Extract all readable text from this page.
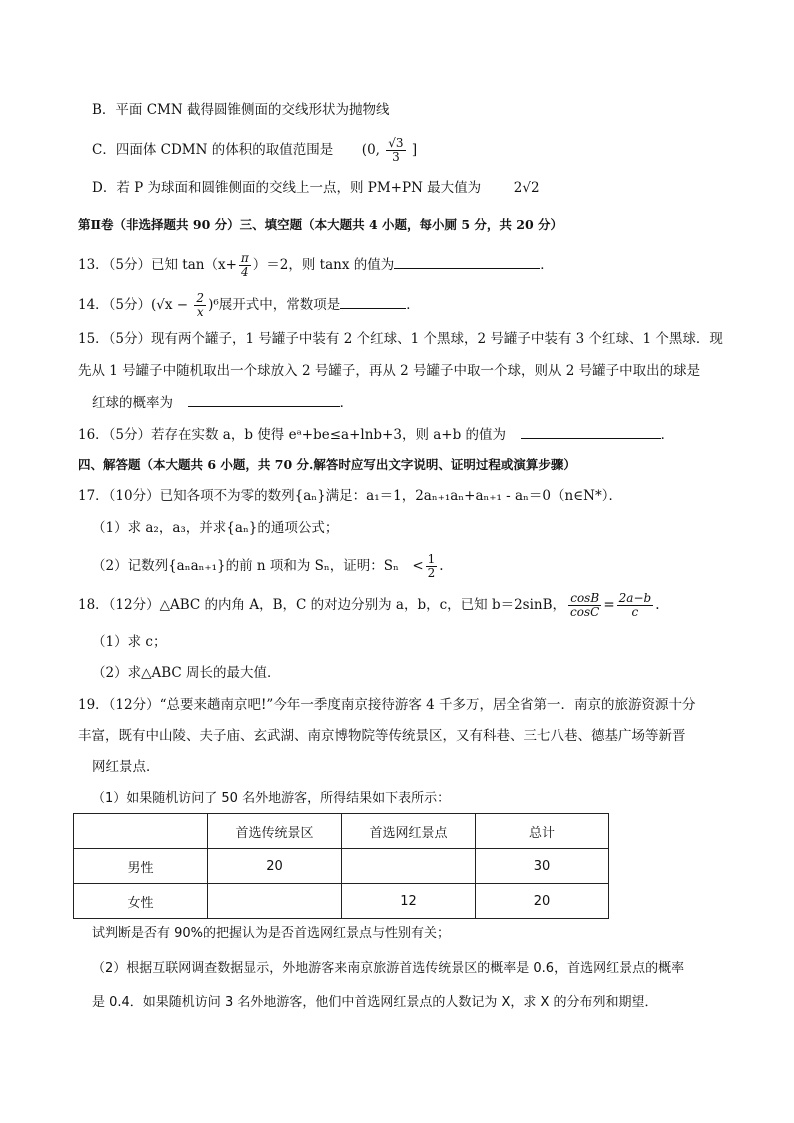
B．平面 CMN 截得圆锥侧面的交线形状为抛物线
C．四面体 CDMN 的体积的取值范围是 (0, $\frac{√3}{3}$ ]
D．若 P 为球面和圆锥侧面的交线上一点，则 PM+PN 最大值为 2√2
第Ⅱ卷（非选择题共 90 分）三、填空题（本大题共 4 小题，每小厕 5 分，共 20 分）
13．（5分）已知 $\tan(x+ \frac{\pi}{4} )=2$，则 tanx 的值为	．
14．（5分）$(√x - \frac{2}{x} )^6$展开式中，常数项是	．
15．（5分）现有两个罐子，1 号罐子中装有 2 个红球、1 个黑球，2 号罐子中装有 3 个红球、1 个黑球．现
先从 1 号罐子中随机取出一个球放入 2 号罐子，再从 2 号罐子中取一个球，则从 2 号罐子中取出的球是
红球的概率为	．
16．（5分）若存在实数 a，b 使得 eᵃ+be≤a+lnb+3，则 a+b 的值为	．
四、解答题（本大题共 6 小题，共 70 分.解答时应写出文字说明、证明过程或演算步骤）
17．（10分）已知各项不为零的数列{aₙ}满足：a₁＝1，2aₙ₊₁aₙ+aₙ₊₁ - aₙ＝0（n∈N*）．
（1）求 a₂，a₃，并求{aₙ}的通项公式；
（2）记数列{aₙaₙ₊₁}的前 n 项和为 Sₙ，证明：Sₙ　< $\frac{1}{2}$ .
18．（12分）△ABC 的内角 A，B，C 的对边分别为 a，b，c，已知 b＝2sinB， $\frac{\cos B}{\cos C} = \frac{2a-b}{c}$ .
（1）求 c；
（2）求△ABC 周长的最大值．
19．（12分）“总要来趟南京吧!”今年一季度南京接待游客 4 千多万，居全省第一．南京的旅游资源十分
丰富，既有中山陵、夫子庙、玄武湖、南京博物院等传统景区，又有科巷、三七八巷、德基广场等新晋
网红景点．
（1）如果随机访问了 50 名外地游客，所得结果如下表所示：
	首选传统景区	首选网红景点	总计
男性	20		30
女性		12	20
试判断是否有 90%的把握认为是否首选网红景点与性别有关；
（2）根据互联网调查数据显示，外地游客来南京旅游首选传统景区的概率是 0.6，首选网红景点的概率
是 0.4．如果随机访问 3 名外地游客，他们中首选网红景点的人数记为 X，求 X 的分布列和期望．
